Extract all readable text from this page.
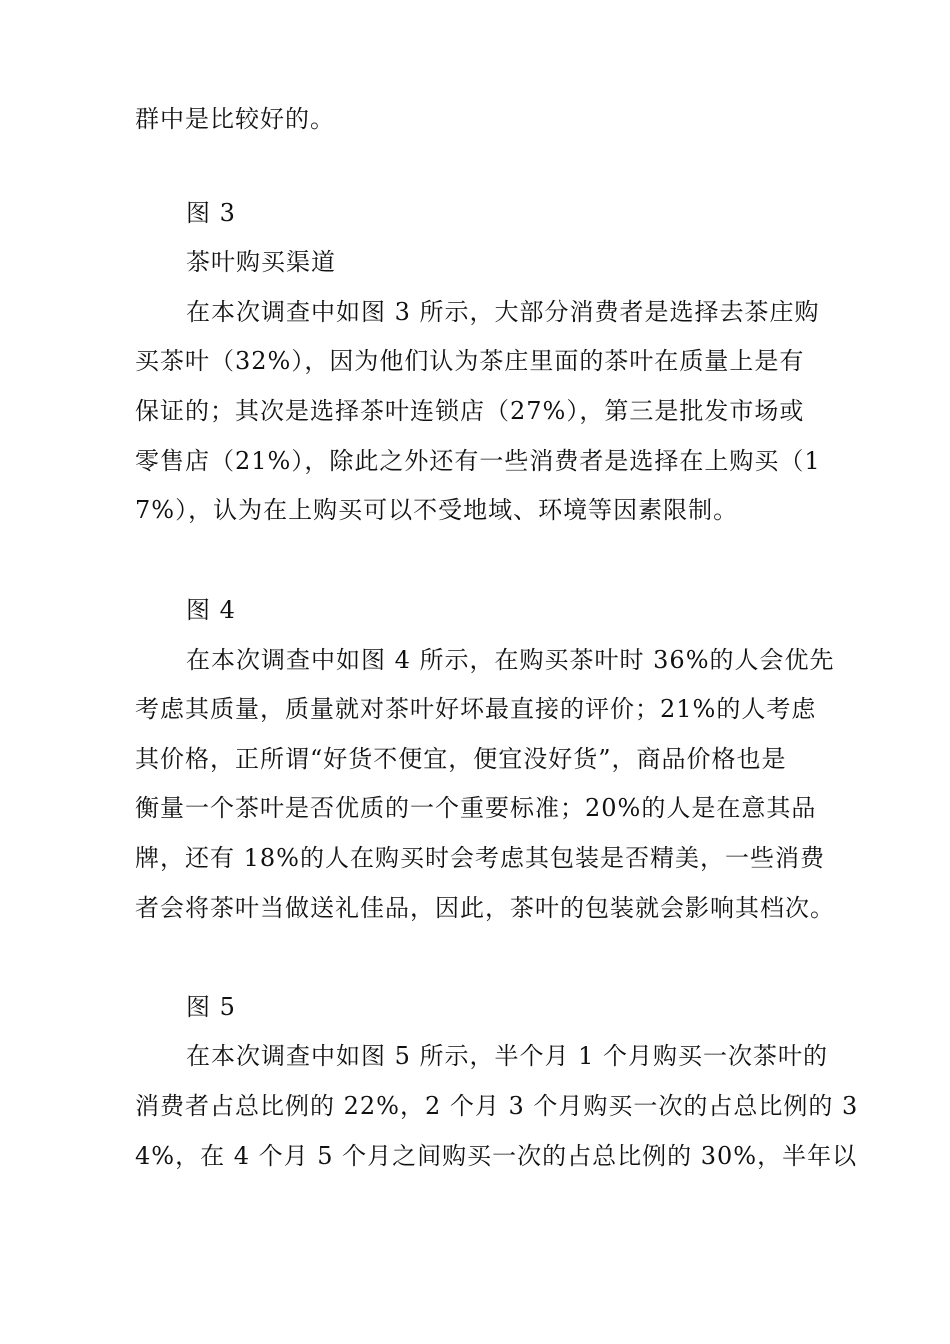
群中是比较好的。
图 3
茶叶购买渠道
在本次调查中如图 3 所示，大部分消费者是选择去茶庄购
买茶叶（32%），因为他们认为茶庄里面的茶叶在质量上是有
保证的；其次是选择茶叶连锁店（27%），第三是批发市场或
零售店（21%），除此之外还有一些消费者是选择在上购买（1
7%），认为在上购买可以不受地域、环境等因素限制。
图 4
在本次调查中如图 4 所示，在购买茶叶时 36%的人会优先
考虑其质量，质量就对茶叶好坏最直接的评价；21%的人考虑
其价格，正所谓“好货不便宜，便宜没好货”，商品价格也是
衡量一个茶叶是否优质的一个重要标准；20%的人是在意其品
牌，还有 18%的人在购买时会考虑其包装是否精美，一些消费
者会将茶叶当做送礼佳品，因此，茶叶的包装就会影响其档次。
图 5
在本次调查中如图 5 所示，半个月 1 个月购买一次茶叶的
消费者占总比例的 22%，2 个月 3 个月购买一次的占总比例的 3
4%，在 4 个月 5 个月之间购买一次的占总比例的 30%，半年以
